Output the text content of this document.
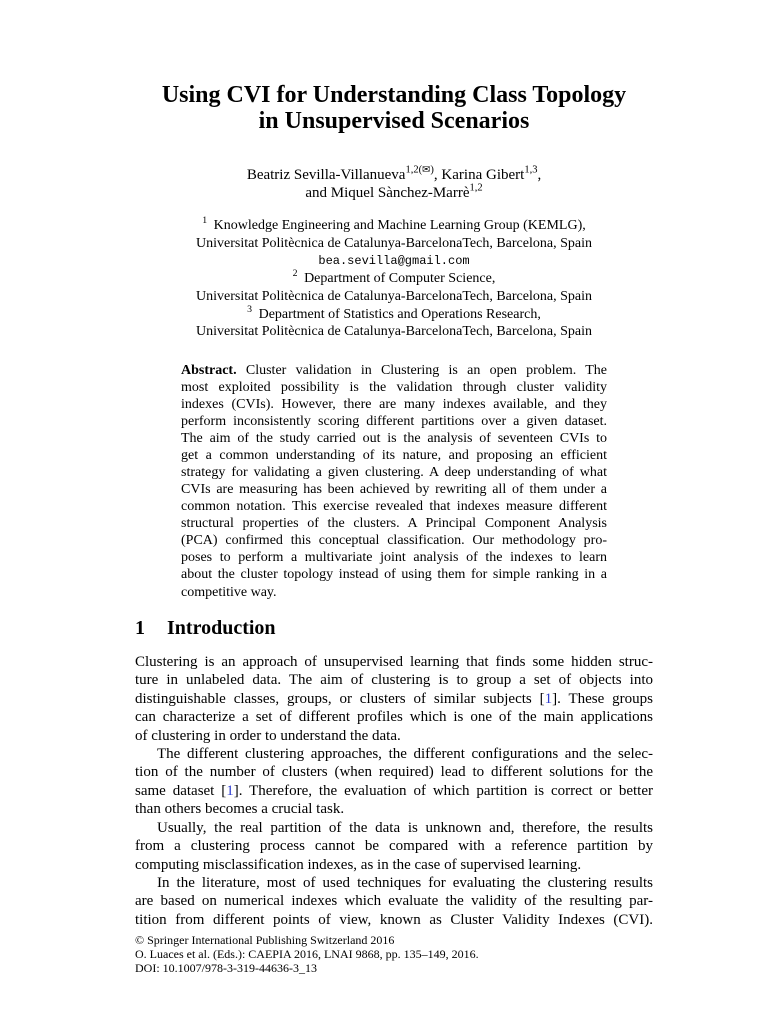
Using CVI for Understanding Class Topology
in Unsupervised Scenarios
Beatriz Sevilla-Villanueva$^{1,2(✉)}$, Karina Gibert$^{1,3}$,
and Miquel Sànchez-Marrè$^{1,2}$
$^1$ Knowledge Engineering and Machine Learning Group (KEMLG),
Universitat Politècnica de Catalunya-BarcelonaTech, Barcelona, Spain
bea.sevilla@gmail.com
$^2$ Department of Computer Science,
Universitat Politècnica de Catalunya-BarcelonaTech, Barcelona, Spain
$^3$ Department of Statistics and Operations Research,
Universitat Politècnica de Catalunya-BarcelonaTech, Barcelona, Spain
Abstract. Cluster validation in Clustering is an open problem. The
most exploited possibility is the validation through cluster validity
indexes (CVIs). However, there are many indexes available, and they
perform inconsistently scoring different partitions over a given dataset.
The aim of the study carried out is the analysis of seventeen CVIs to
get a common understanding of its nature, and proposing an efficient
strategy for validating a given clustering. A deep understanding of what
CVIs are measuring has been achieved by rewriting all of them under a
common notation. This exercise revealed that indexes measure different
structural properties of the clusters. A Principal Component Analysis
(PCA) confirmed this conceptual classification. Our methodology pro-
poses to perform a multivariate joint analysis of the indexes to learn
about the cluster topology instead of using them for simple ranking in a
competitive way.
1 Introduction
Clustering is an approach of unsupervised learning that finds some hidden struc-
ture in unlabeled data. The aim of clustering is to group a set of objects into
distinguishable classes, groups, or clusters of similar subjects [1]. These groups
can characterize a set of different profiles which is one of the main applications
of clustering in order to understand the data.
The different clustering approaches, the different configurations and the selec-
tion of the number of clusters (when required) lead to different solutions for the
same dataset [1]. Therefore, the evaluation of which partition is correct or better
than others becomes a crucial task.
Usually, the real partition of the data is unknown and, therefore, the results
from a clustering process cannot be compared with a reference partition by
computing misclassification indexes, as in the case of supervised learning.
In the literature, most of used techniques for evaluating the clustering results
are based on numerical indexes which evaluate the validity of the resulting par-
tition from different points of view, known as Cluster Validity Indexes (CVI).
© Springer International Publishing Switzerland 2016
O. Luaces et al. (Eds.): CAEPIA 2016, LNAI 9868, pp. 135–149, 2016.
DOI: 10.1007/978-3-319-44636-3_13
